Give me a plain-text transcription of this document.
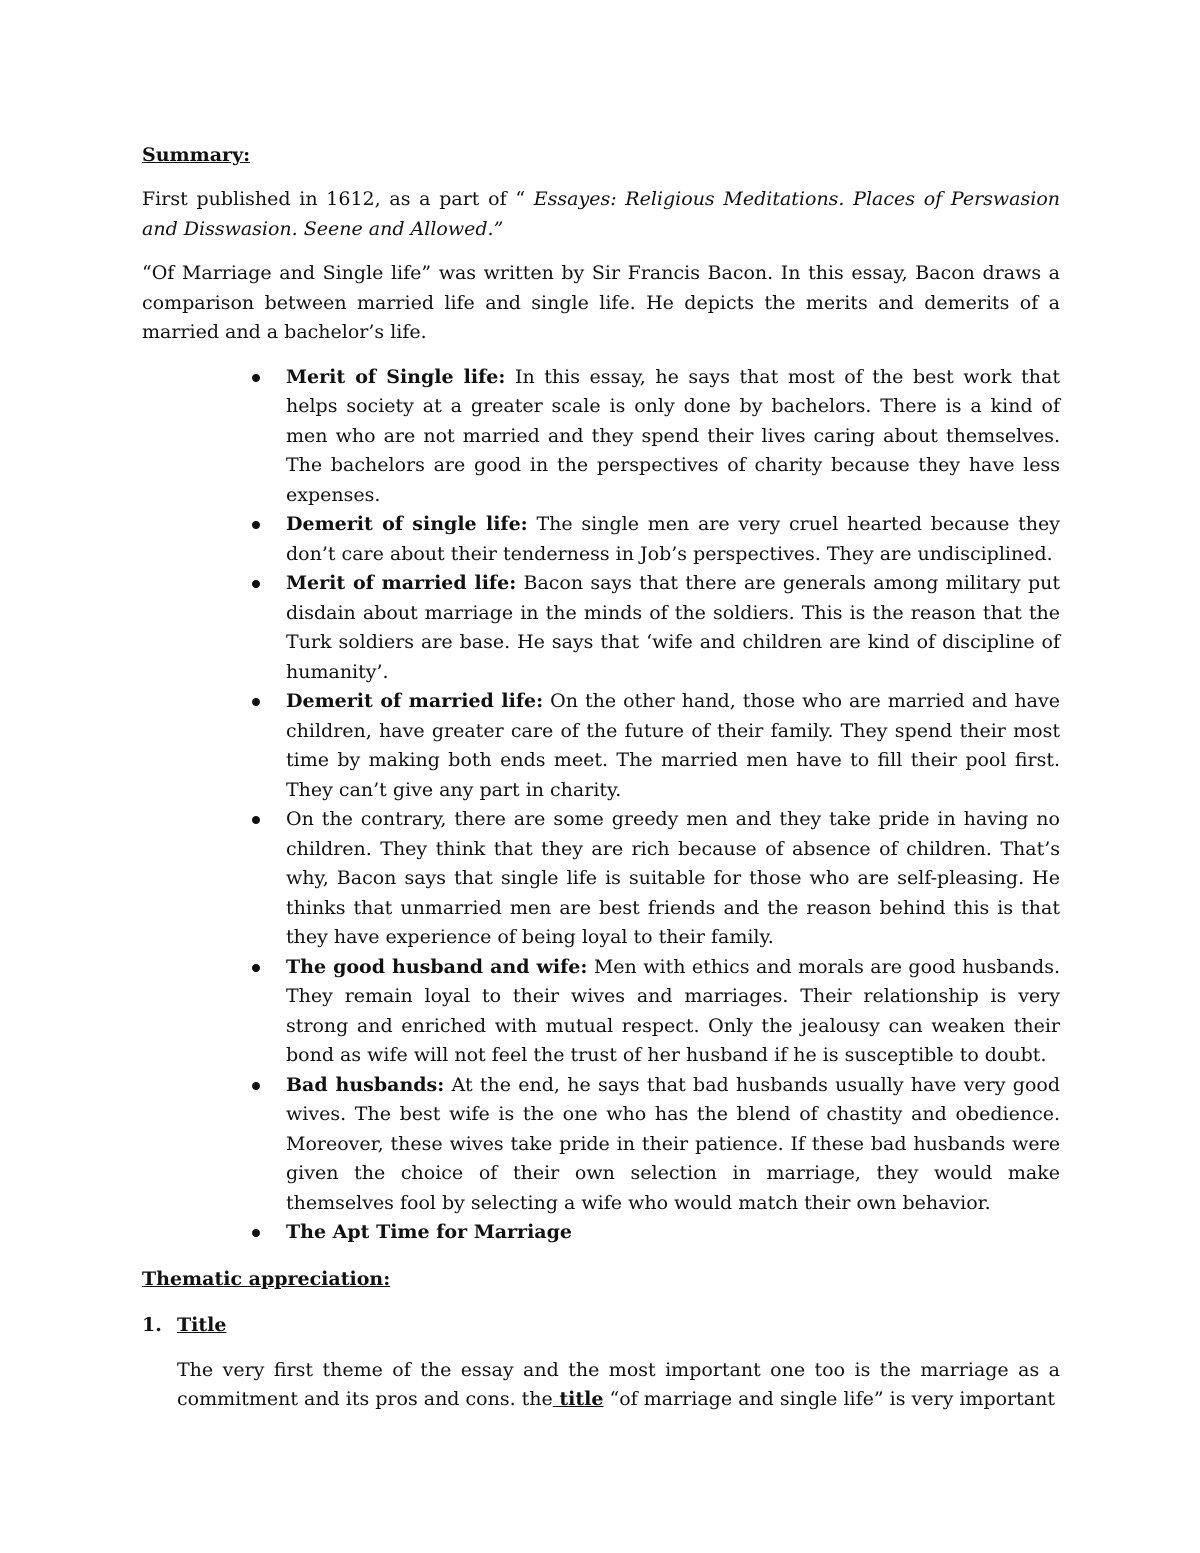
Summary:

First published in 1612, as a part of “ Essayes: Religious Meditations. Places of Perswasion and Disswasion. Seene and Allowed.”

“Of Marriage and Single life” was written by Sir Francis Bacon. In this essay, Bacon draws a comparison between married life and single life. He depicts the merits and demerits of a married and a bachelor’s life.

Merit of Single life: In this essay, he says that most of the best work that helps society at a greater scale is only done by bachelors. There is a kind of men who are not married and they spend their lives caring about themselves. The bachelors are good in the perspectives of charity because they have less expenses.
Demerit of single life: The single men are very cruel hearted because they don’t care about their tenderness in Job’s perspectives. They are undisciplined.
Merit of married life: Bacon says that there are generals among military put disdain about marriage in the minds of the soldiers. This is the reason that the Turk soldiers are base. He says that ‘wife and children are kind of discipline of humanity’.
Demerit of married life: On the other hand, those who are married and have children, have greater care of the future of their family. They spend their most time by making both ends meet. The married men have to fill their pool first. They can’t give any part in charity.
On the contrary, there are some greedy men and they take pride in having no children. They think that they are rich because of absence of children. That’s why, Bacon says that single life is suitable for those who are self-pleasing. He thinks that unmarried men are best friends and the reason behind this is that they have experience of being loyal to their family.
The good husband and wife: Men with ethics and morals are good husbands. They remain loyal to their wives and marriages. Their relationship is very strong and enriched with mutual respect. Only the jealousy can weaken their bond as wife will not feel the trust of her husband if he is susceptible to doubt.
Bad husbands: At the end, he says that bad husbands usually have very good wives. The best wife is the one who has the blend of chastity and obedience. Moreover, these wives take pride in their patience. If these bad husbands were given the choice of their own selection in marriage, they would make themselves fool by selecting a wife who would match their own behavior.
The Apt Time for Marriage
Thematic appreciation:
1. Title

The very first theme of the essay and the most important one too is the marriage as a commitment and its pros and cons. the title “of marriage and single life” is very important
